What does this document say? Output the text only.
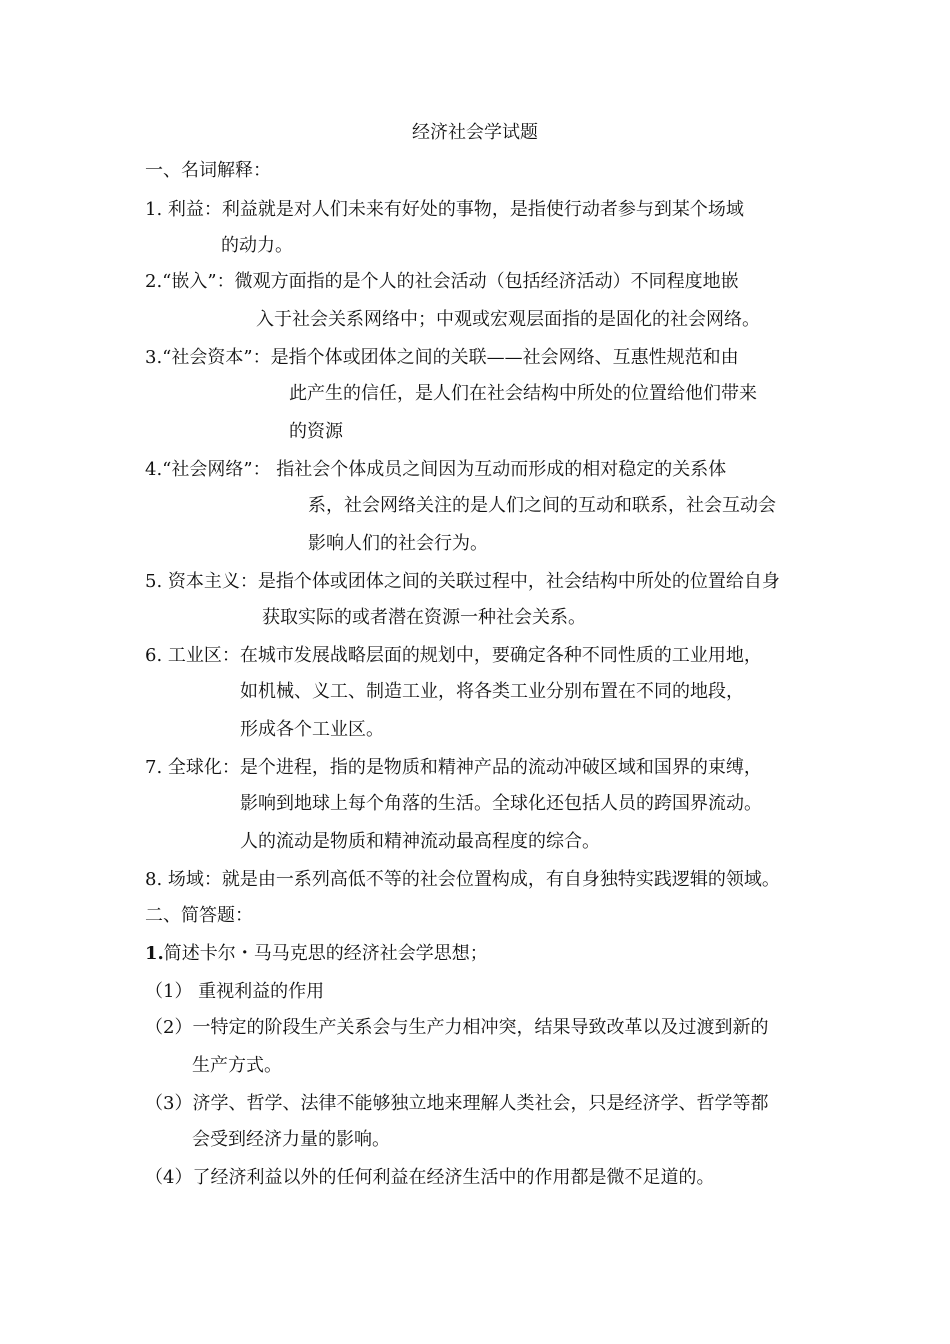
经济社会学试题
一、名词解释：
1. 利益：利益就是对人们未来有好处的事物，是指使行动者参与到某个场域
的动力。
2.“嵌入”：微观方面指的是个人的社会活动（包括经济活动）不同程度地嵌
入于社会关系网络中；中观或宏观层面指的是固化的社会网络。
3.“社会资本”：是指个体或团体之间的关联——社会网络、互惠性规范和由
此产生的信任，是人们在社会结构中所处的位置给他们带来
的资源
4.“社会网络”： 指社会个体成员之间因为互动而形成的相对稳定的关系体
系，社会网络关注的是人们之间的互动和联系，社会互动会
影响人们的社会行为。
5. 资本主义：是指个体或团体之间的关联过程中，社会结构中所处的位置给自身
获取实际的或者潜在资源一种社会关系。
6. 工业区：在城市发展战略层面的规划中，要确定各种不同性质的工业用地，
如机械、义工、制造工业，将各类工业分别布置在不同的地段，
形成各个工业区。
7. 全球化：是个进程，指的是物质和精神产品的流动冲破区域和国界的束缚，
影响到地球上每个角落的生活。全球化还包括人员的跨国界流动。
人的流动是物质和精神流动最高程度的综合。
8. 场域：就是由一系列高低不等的社会位置构成，有自身独特实践逻辑的领域。
二、简答题：
1.简述卡尔・马马克思的经济社会学思想；
（1） 重视利益的作用
（2）一特定的阶段生产关系会与生产力相冲突，结果导致改革以及过渡到新的
生产方式。
（3）济学、哲学、法律不能够独立地来理解人类社会，只是经济学、哲学等都
会受到经济力量的影响。
（4）了经济利益以外的任何利益在经济生活中的作用都是微不足道的。
